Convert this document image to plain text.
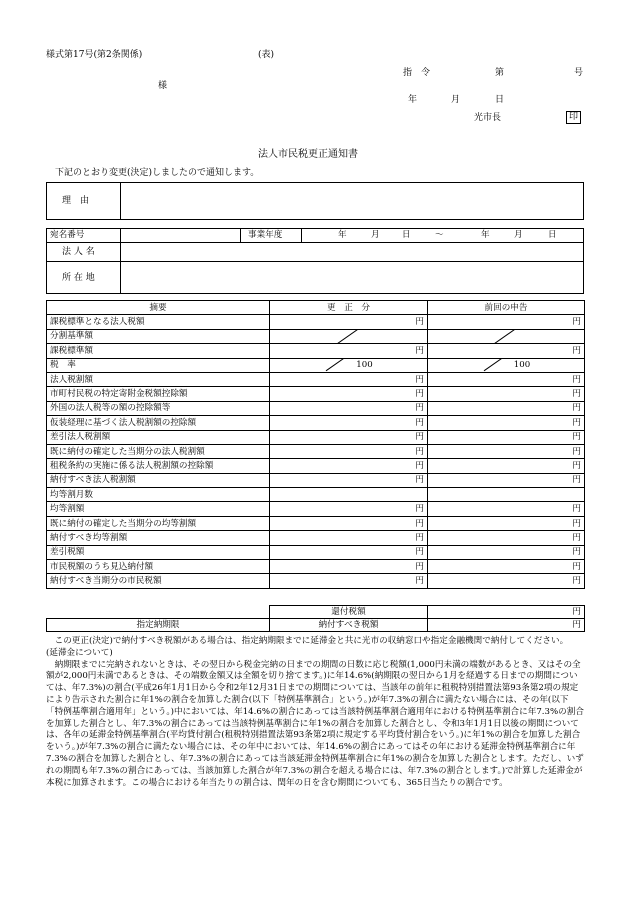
様式第17号(第2条関係)	(表)
指　令	第	号
様
年	月	日
光市長	印
法人市民税更正通知書
下記のとおり変更(決定)しましたので通知します。
理　由
宛名番号	事業年度	年	月	日	〜	年	月	日
法 人 名
所 在 地
摘要	更　正　分	前回の申告
課税標準となる法人税額	円	円
分割基準額		
課税標準額	円	円
税　率	100	100
法人税割額	円	円
市町村民税の特定寄附金税額控除額	円	円
外国の法人税等の額の控除額等	円	円
仮装経理に基づく法人税割額の控除額	円	円
差引法人税割額	円	円
既に納付の確定した当期分の法人税割額	円	円
租税条約の実施に係る法人税割額の控除額	円	円
納付すべき法人税割額	円	円
均等割月数		
均等割額	円	円
既に納付の確定した当期分の均等割額	円	円
納付すべき均等割額	円	円
差引税額	円	円
市民税額のうち見込納付額	円	円
納付すべき当期分の市民税額	円	円
	還付税額	円
指定納期限	納付すべき税額	円

　この更正(決定)で納付すべき税額がある場合は、指定納期限までに延滞金と共に光市の収納窓口や指定金融機関で納付してください。

(延滞金について)

　納期限までに完納されないときは、その翌日から税金完納の日までの期間の日数に応じ税額(1,000円未満の端数があるとき、又はその全額が2,000円未満であるときは、その端数金額又は全額を切り捨てます。)に年14.6%(納期限の翌日から1月を経過する日までの期間については、年7.3%)の割合(平成26年1月1日から令和2年12月31日までの期間については、当該年の前年に租税特別措置法第93条第2項の規定により告示された割合に年1%の割合を加算した割合(以下「特例基準割合」という。)が年7.3%の割合に満たない場合には、その年(以下「特例基準割合適用年」という。)中においては、年14.6%の割合にあっては当該特例基準割合適用年における特例基準割合に年7.3%の割合を加算した割合とし、年7.3%の割合にあっては当該特例基準割合に年1%の割合を加算した割合とし、令和3年1月1日以後の期間については、各年の延滞金特例基準割合(平均貸付割合(租税特別措置法第93条第2項に規定する平均貸付割合をいう。)に年1%の割合を加算した割合をいう。)が年7.3%の割合に満たない場合には、その年中においては、年14.6%の割合にあってはその年における延滞金特例基準割合に年7.3%の割合を加算した割合とし、年7.3%の割合にあっては当該延滞金特例基準割合に年1%の割合を加算した割合とします。ただし、いずれの期間も年7.3%の割合にあっては、当該加算した割合が年7.3%の割合を超える場合には、年7.3%の割合とします。)で計算した延滞金が本税に加算されます。この場合における年当たりの割合は、閏年の日を含む期間についても、365日当たりの割合です。
